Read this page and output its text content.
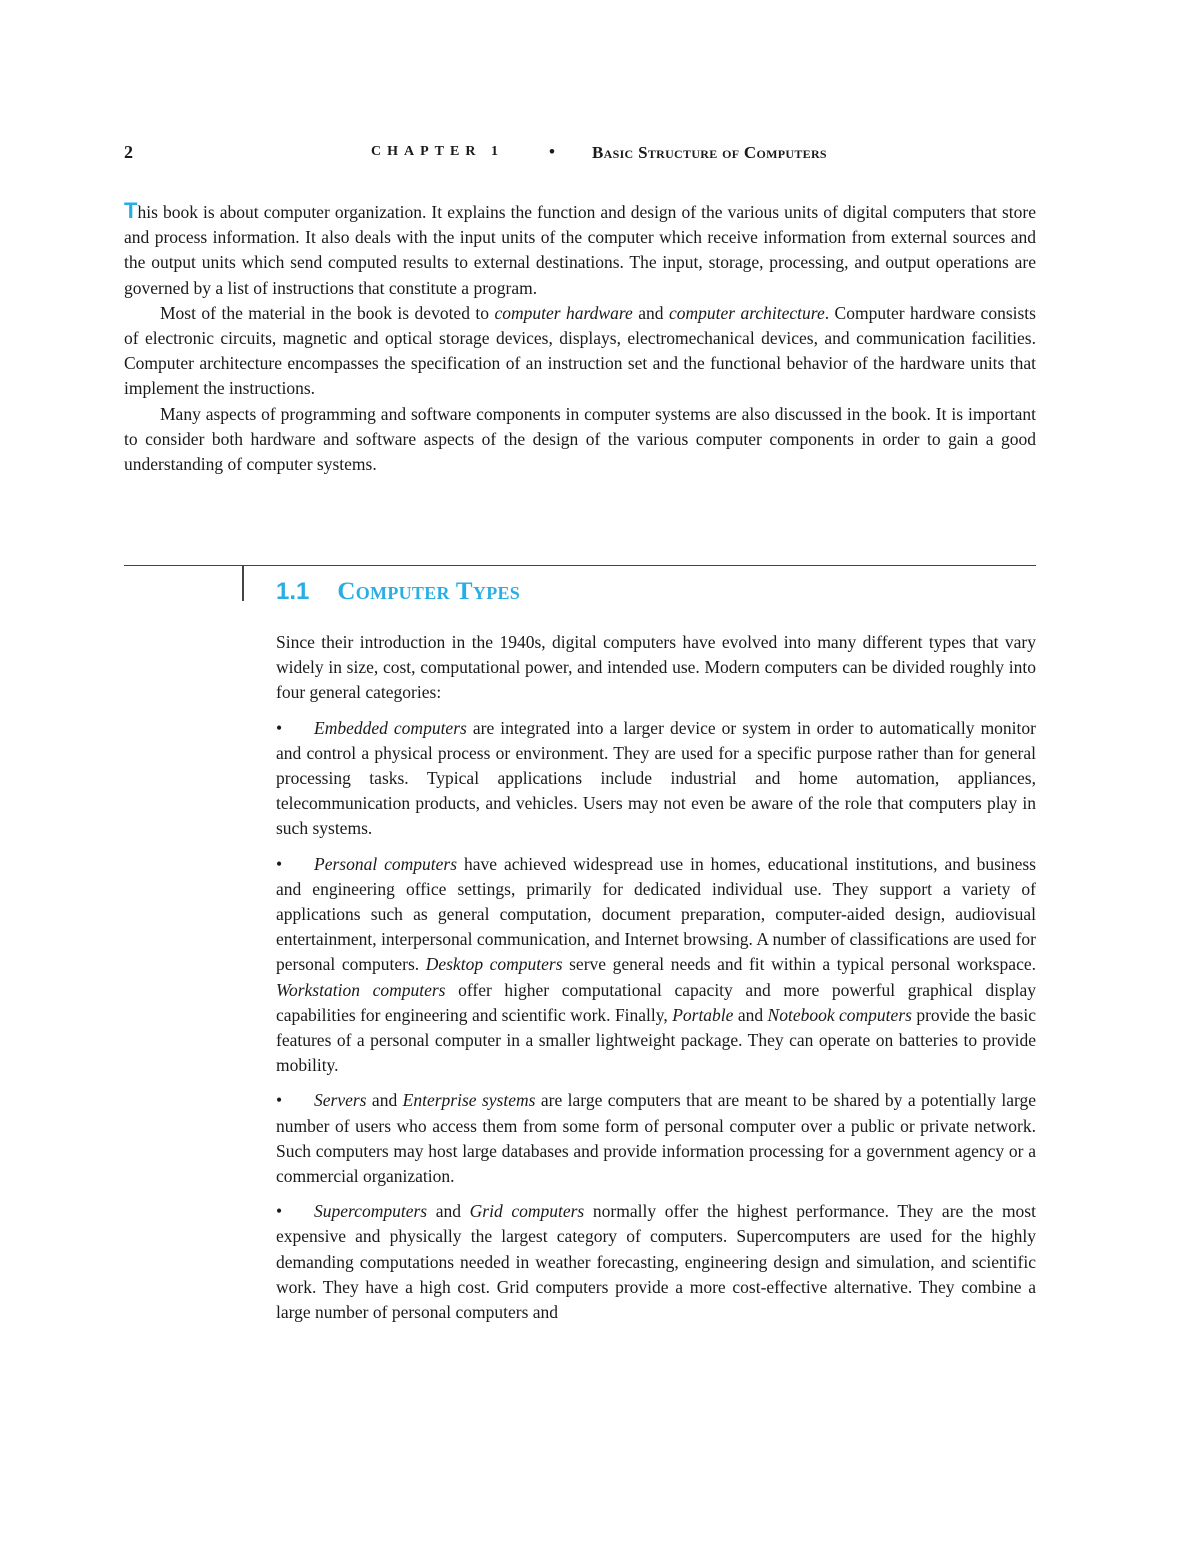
2	CHAPTER 1	• Basic Structure of Computers

This book is about computer organization. It explains the function and design of the various units of digital computers that store and process information. It also deals with the input units of the computer which receive information from external sources and the output units which send computed results to external destinations. The input, storage, processing, and output operations are governed by a list of instructions that constitute a program.

Most of the material in the book is devoted to computer hardware and computer architecture. Computer hardware consists of electronic circuits, magnetic and optical storage devices, displays, electromechanical devices, and communication facilities. Computer architecture encompasses the specification of an instruction set and the functional behavior of the hardware units that implement the instructions.

Many aspects of programming and software components in computer systems are also discussed in the book. It is important to consider both hardware and software aspects of the design of the various computer components in order to gain a good understanding of computer systems.

1.1 Computer Types

Since their introduction in the 1940s, digital computers have evolved into many different types that vary widely in size, cost, computational power, and intended use. Modern computers can be divided roughly into four general categories:

• Embedded computers are integrated into a larger device or system in order to automatically monitor and control a physical process or environment. They are used for a specific purpose rather than for general processing tasks. Typical applications include industrial and home automation, appliances, telecommunication products, and vehicles. Users may not even be aware of the role that computers play in such systems.

• Personal computers have achieved widespread use in homes, educational institutions, and business and engineering office settings, primarily for dedicated individual use. They support a variety of applications such as general computation, document preparation, computer-aided design, audiovisual entertainment, interpersonal communication, and Internet browsing. A number of classifications are used for personal computers. Desktop computers serve general needs and fit within a typical personal workspace. Workstation computers offer higher computational capacity and more powerful graphical display capabilities for engineering and scientific work. Finally, Portable and Notebook computers provide the basic features of a personal computer in a smaller lightweight package. They can operate on batteries to provide mobility.

• Servers and Enterprise systems are large computers that are meant to be shared by a potentially large number of users who access them from some form of personal computer over a public or private network. Such computers may host large databases and provide information processing for a government agency or a commercial organization.

• Supercomputers and Grid computers normally offer the highest performance. They are the most expensive and physically the largest category of computers. Supercomputers are used for the highly demanding computations needed in weather forecasting, engineering design and simulation, and scientific work. They have a high cost. Grid computers provide a more cost-effective alternative. They combine a large number of personal computers and
